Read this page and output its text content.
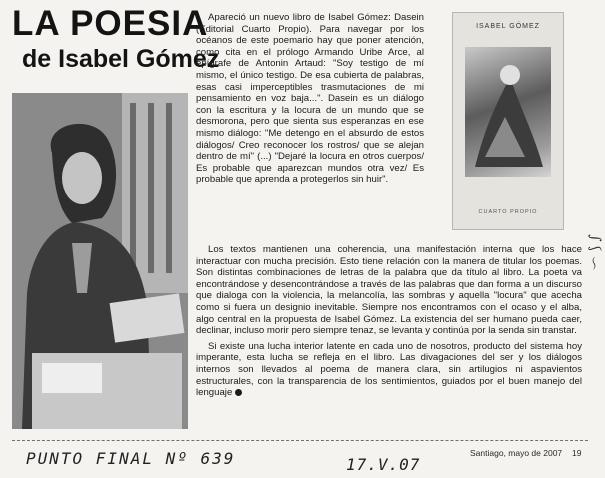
LA POESIA
de Isabel Gómez

Apareció un nuevo libro de Isabel Gómez: Dasein (Editorial Cuarto Propio). Para navegar por los océanos de este poemario hay que poner atención, como cita en el prólogo Armando Uribe Arce, al epígrafe de Antonin Artaud: "Soy testigo de mí mismo, el único testigo. De esa cubierta de palabras, esas casi imperceptibles trasmutaciones de mi pensamiento en voz baja...". Dasein es un diálogo con la escritura y la locura de un mundo que se desmorona, pero que sienta sus esperanzas en ese mismo diálogo: "Me detengo en el absurdo de estos diálogos/ Creo reconocer los rostros/ que se alejan dentro de mí" (...) "Dejaré la locura en otros cuerpos/ Es probable que aparezcan mundos otra vez/ Es probable que aprenda a protegerlos sin huir".

ISABEL GÓMEZ
CUARTO PROPIO

Los textos mantienen una coherencia, una manifestación interna que los hace interactuar con mucha precisión. Esto tiene relación con la manera de titular los poemas. Son distintas combinaciones de letras de la palabra que da título al libro. La poeta va encontrándose y desencontrándose a través de las palabras que dan forma a un discurso que dialoga con la violencia, la melancolía, las sombras y aquella "locura" que acecha como si fuera un designio inevitable. Siempre nos encontramos con el ocaso y el alba, algo central en la propuesta de Isabel Gómez. La existencia del ser humano pueda caer, declinar, incluso morir pero siempre tenaz, se levanta y continúa por la senda sin transtar.

Si existe una lucha interior latente en cada uno de nosotros, producto del sistema hoy imperante, esta lucha se refleja en el libro. Las divagaciones del ser y los diálogos internos son llevados al poema de manera clara, sin artilugios ni aspavientos estructurales, con la transparencia de los sentimientos, guiados por el buen manejo del lenguaje

〜 ⟆ ∫
PUNTO FINAL Nº 639	17.V.07
Santiago, mayo de 2007 19
